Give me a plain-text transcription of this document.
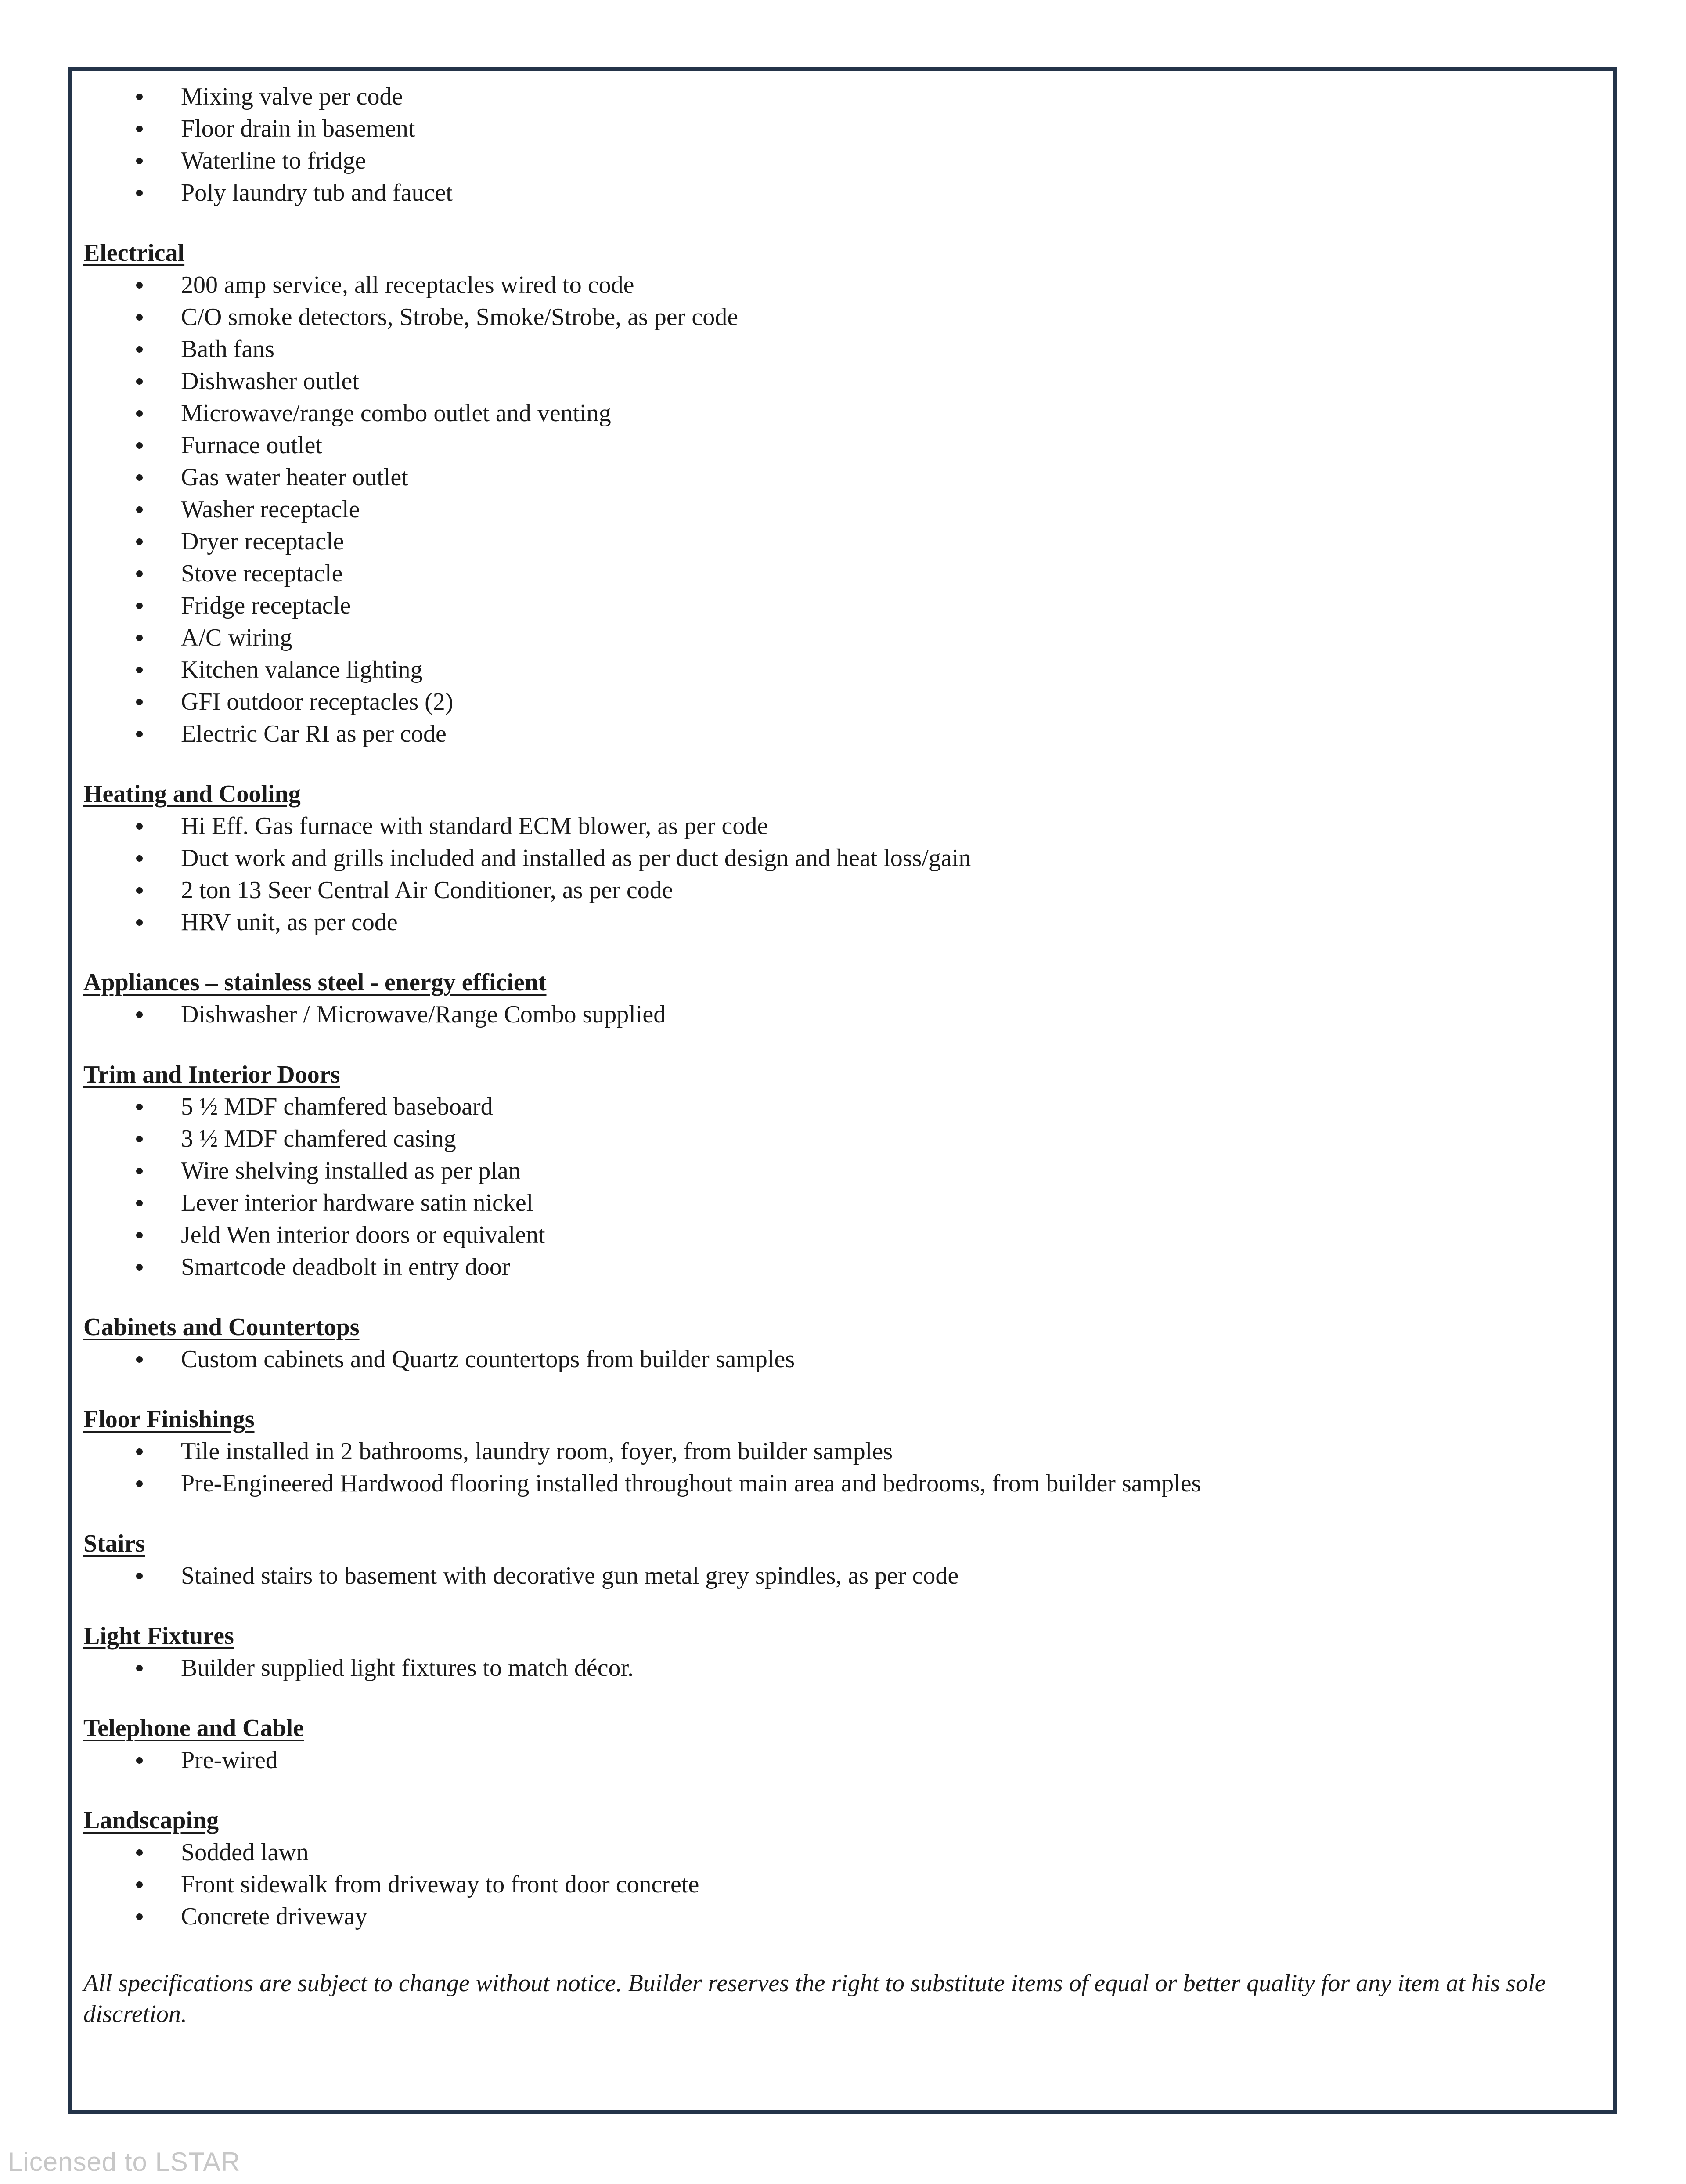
Mixing valve per code
Floor drain in basement
Waterline to fridge
Poly laundry tub and faucet
Electrical
200 amp service, all receptacles wired to code
C/O smoke detectors, Strobe, Smoke/Strobe, as per code
Bath fans
Dishwasher outlet
Microwave/range combo outlet and venting
Furnace outlet
Gas water heater outlet
Washer receptacle
Dryer receptacle
Stove receptacle
Fridge receptacle
A/C wiring
Kitchen valance lighting
GFI outdoor receptacles (2)
Electric Car RI as per code
Heating and Cooling
Hi Eff. Gas furnace with standard ECM blower, as per code
Duct work and grills included and installed as per duct design and heat loss/gain
2 ton 13 Seer Central Air Conditioner, as per code
HRV unit, as per code
Appliances – stainless steel - energy efficient
Dishwasher / Microwave/Range Combo supplied
Trim and Interior Doors
5 ½ MDF chamfered baseboard
3 ½ MDF chamfered casing
Wire shelving installed as per plan
Lever interior hardware satin nickel
Jeld Wen interior doors or equivalent
Smartcode deadbolt in entry door
Cabinets and Countertops
Custom cabinets and Quartz countertops from builder samples
Floor Finishings
Tile installed in 2 bathrooms, laundry room, foyer, from builder samples
Pre-Engineered Hardwood flooring installed throughout main area and bedrooms, from builder samples
Stairs
Stained stairs to basement with decorative gun metal grey spindles, as per code
Light Fixtures
Builder supplied light fixtures to match décor.
Telephone and Cable
Pre-wired
Landscaping
Sodded lawn
Front sidewalk from driveway to front door concrete
Concrete driveway
All specifications are subject to change without notice. Builder reserves the right to substitute items of equal or better quality for any item at his sole discretion.
Licensed to LSTAR
